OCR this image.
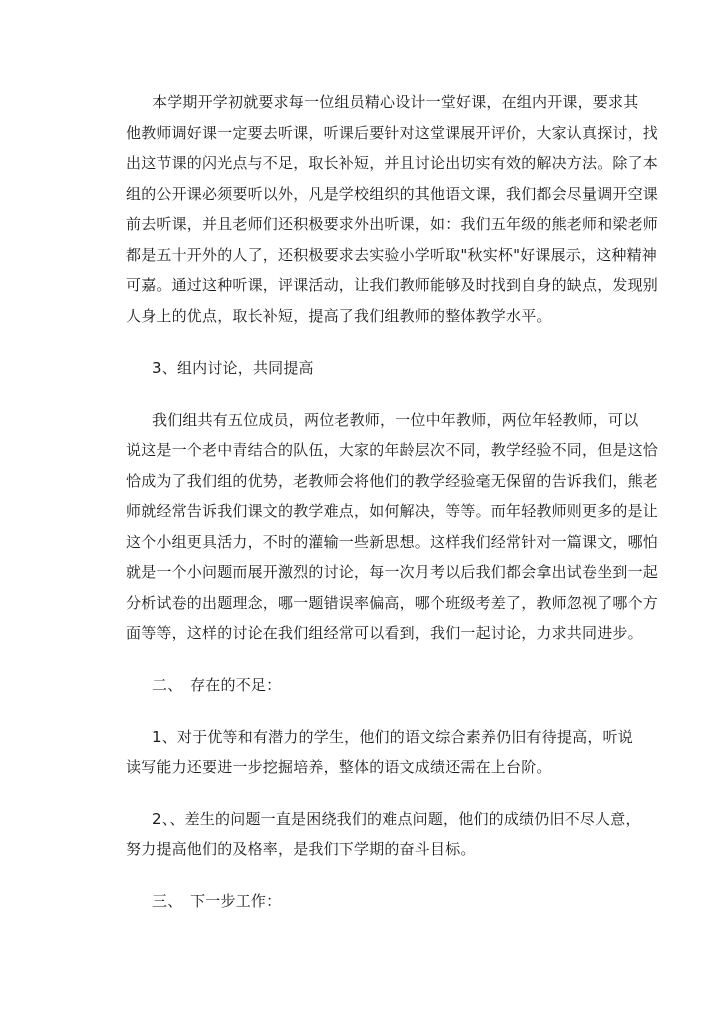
本学期开学初就要求每一位组员精心设计一堂好课，在组内开课，要求其
他教师调好课一定要去听课，听课后要针对这堂课展开评价，大家认真探讨，找
出这节课的闪光点与不足，取长补短，并且讨论出切实有效的解决方法。除了本
组的公开课必须要听以外，凡是学校组织的其他语文课，我们都会尽量调开空课
前去听课，并且老师们还积极要求外出听课，如：我们五年级的熊老师和梁老师
都是五十开外的人了，还积极要求去实验小学听取"秋实杯"好课展示，这种精神
可嘉。通过这种听课，评课活动，让我们教师能够及时找到自身的缺点，发现别
人身上的优点，取长补短，提高了我们组教师的整体教学水平。
3、组内讨论，共同提高
我们组共有五位成员，两位老教师，一位中年教师，两位年轻教师，可以
说这是一个老中青结合的队伍，大家的年龄层次不同，教学经验不同，但是这恰
恰成为了我们组的优势，老教师会将他们的教学经验毫无保留的告诉我们，熊老
师就经常告诉我们课文的教学难点，如何解决，等等。而年轻教师则更多的是让
这个小组更具活力，不时的灌输一些新思想。这样我们经常针对一篇课文，哪怕
就是一个小问题而展开激烈的讨论，每一次月考以后我们都会拿出试卷坐到一起
分析试卷的出题理念，哪一题错误率偏高，哪个班级考差了，教师忽视了哪个方
面等等，这样的讨论在我们组经常可以看到，我们一起讨论，力求共同进步。
二、　存在的不足：
1、对于优等和有潜力的学生，他们的语文综合素养仍旧有待提高，听说
读写能力还要进一步挖掘培养，整体的语文成绩还需在上台阶。
2、、差生的问题一直是困绕我们的难点问题，他们的成绩仍旧不尽人意，
努力提高他们的及格率，是我们下学期的奋斗目标。
三、　下一步工作：
